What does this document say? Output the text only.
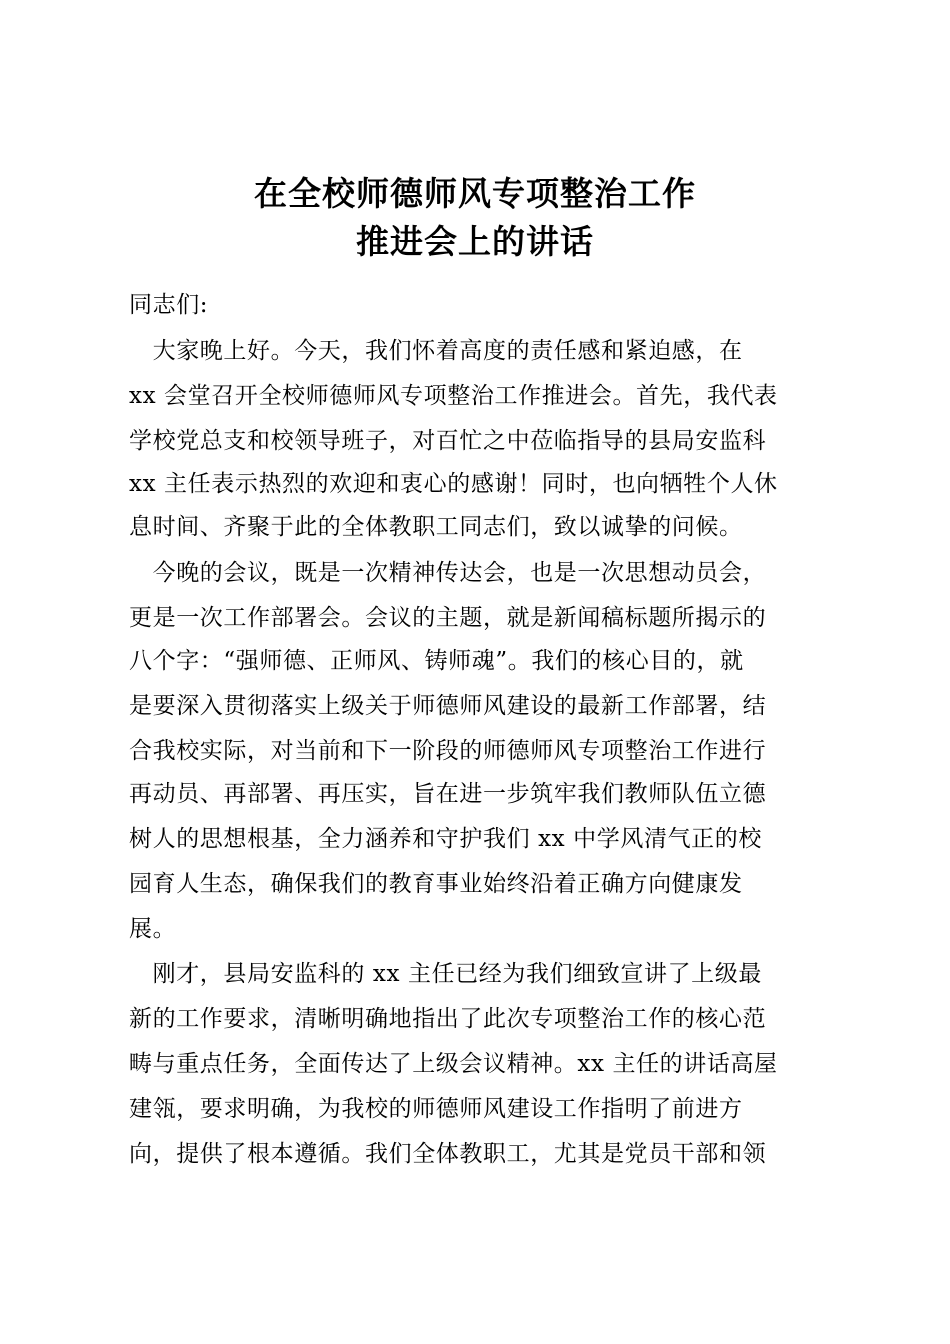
在全校师德师风专项整治工作
推进会上的讲话
同志们:
　大家晚上好。今天，我们怀着高度的责任感和紧迫感，在
xx 会堂召开全校师德师风专项整治工作推进会。首先，我代表
学校党总支和校领导班子，对百忙之中莅临指导的县局安监科
xx 主任表示热烈的欢迎和衷心的感谢！同时，也向牺牲个人休
息时间、齐聚于此的全体教职工同志们，致以诚挚的问候。
　今晚的会议，既是一次精神传达会，也是一次思想动员会，
更是一次工作部署会。会议的主题，就是新闻稿标题所揭示的
八个字：“强师德、正师风、铸师魂”。我们的核心目的，就
是要深入贯彻落实上级关于师德师风建设的最新工作部署，结
合我校实际，对当前和下一阶段的师德师风专项整治工作进行
再动员、再部署、再压实，旨在进一步筑牢我们教师队伍立德
树人的思想根基，全力涵养和守护我们 xx 中学风清气正的校
园育人生态，确保我们的教育事业始终沿着正确方向健康发
展。
　刚才，县局安监科的 xx 主任已经为我们细致宣讲了上级最
新的工作要求，清晰明确地指出了此次专项整治工作的核心范
畴与重点任务，全面传达了上级会议精神。xx 主任的讲话高屋
建瓴，要求明确，为我校的师德师风建设工作指明了前进方
向，提供了根本遵循。我们全体教职工，尤其是党员干部和领
